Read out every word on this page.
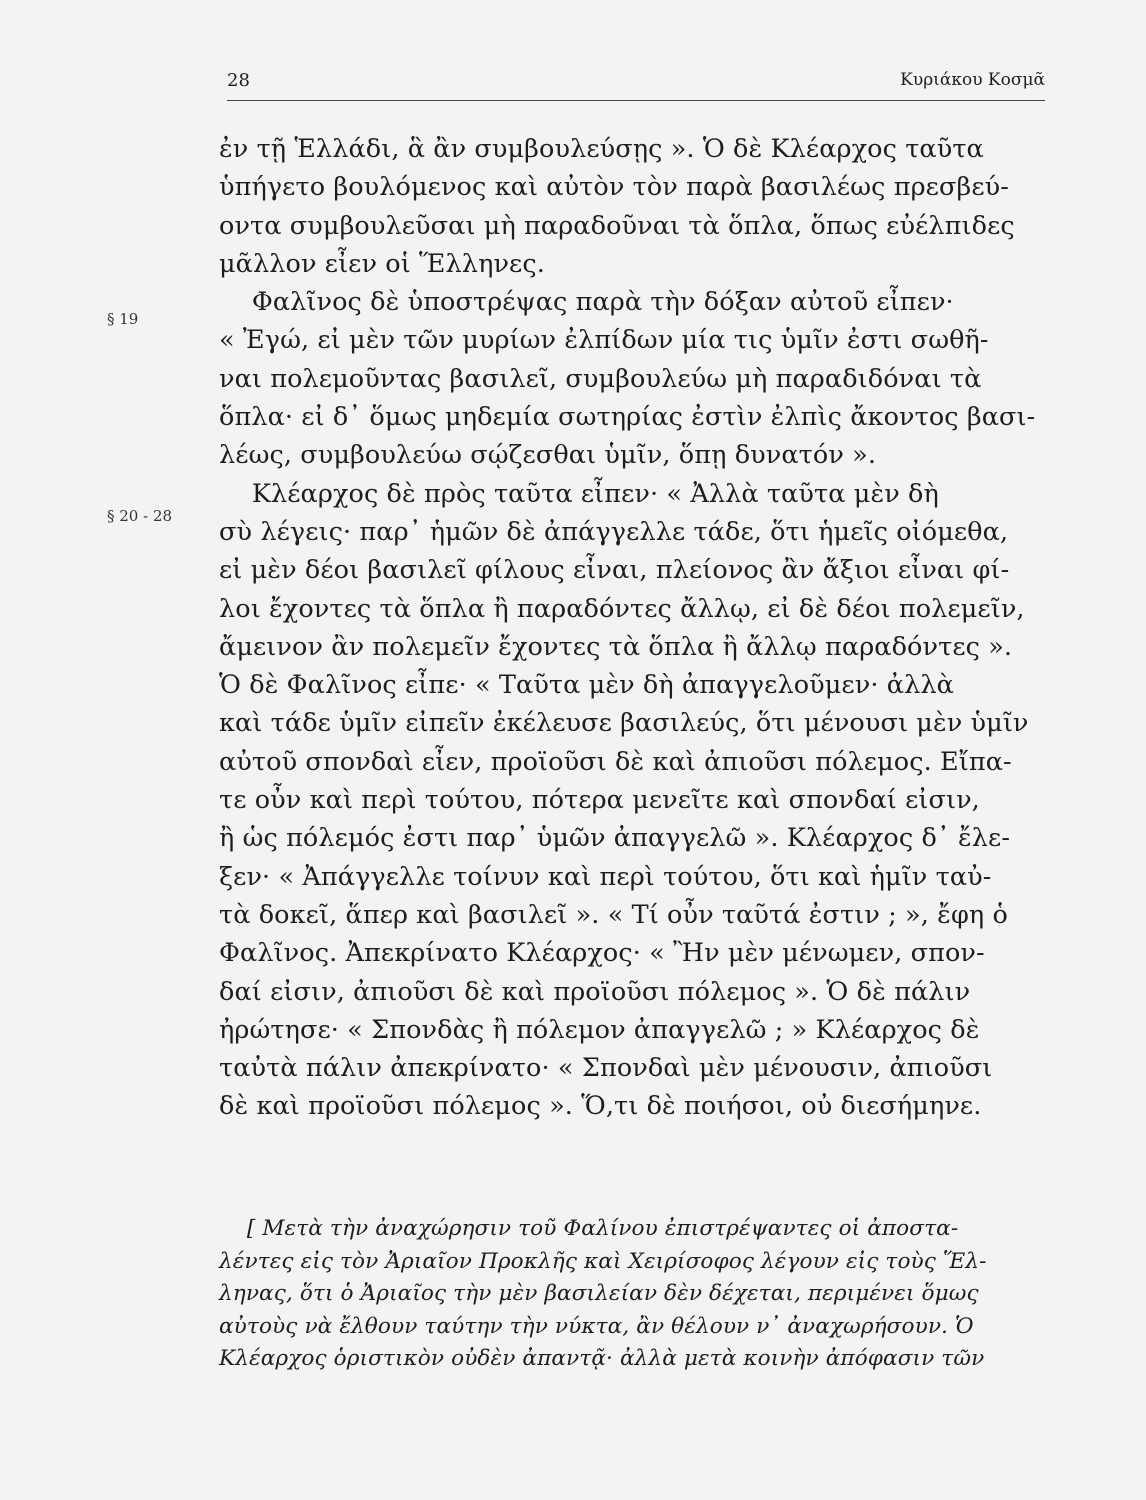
28	Κυριάκου Κοσμᾶ
§ 19
§ 20 - 28
ἐν τῇ Ἑλλάδι, ἃ ἂν συμβουλεύσῃς ». Ὁ δὲ Κλέαρχος ταῦτα
ὑπήγετο βουλόμενος καὶ αὐτὸν τὸν παρὰ βασιλέως πρεσβεύ-
οντα συμβουλεῦσαι μὴ παραδοῦναι τὰ ὅπλα, ὅπως εὐέλπιδες
μᾶλλον εἶεν οἱ Ἕλληνες.
Φαλῖνος δὲ ὑποστρέψας παρὰ τὴν δόξαν αὐτοῦ εἶπεν·
« Ἐγώ, εἰ μὲν τῶν μυρίων ἐλπίδων μία τις ὑμῖν ἐστι σωθῆ-
ναι πολεμοῦντας βασιλεῖ, συμβουλεύω μὴ παραδιδόναι τὰ
ὅπλα· εἰ δ᾽ ὅμως μηδεμία σωτηρίας ἐστὶν ἐλπὶς ἄκοντος βασι-
λέως, συμβουλεύω σῴζεσθαι ὑμῖν, ὅπῃ δυνατόν ».
Κλέαρχος δὲ πρὸς ταῦτα εἶπεν· « Ἀλλὰ ταῦτα μὲν δὴ
σὺ λέγεις· παρ᾽ ἡμῶν δὲ ἀπάγγελλε τάδε, ὅτι ἡμεῖς οἰόμεθα,
εἰ μὲν δέοι βασιλεῖ φίλους εἶναι, πλείονος ἂν ἄξιοι εἶναι φί-
λοι ἔχοντες τὰ ὅπλα ἢ παραδόντες ἄλλῳ, εἰ δὲ δέοι πολεμεῖν,
ἄμεινον ἂν πολεμεῖν ἔχοντες τὰ ὅπλα ἢ ἄλλῳ παραδόντες ».
Ὁ δὲ Φαλῖνος εἶπε· « Ταῦτα μὲν δὴ ἀπαγγελοῦμεν· ἀλλὰ
καὶ τάδε ὑμῖν εἰπεῖν ἐκέλευσε βασιλεύς, ὅτι μένουσι μὲν ὑμῖν
αὐτοῦ σπονδαὶ εἶεν, προϊοῦσι δὲ καὶ ἀπιοῦσι πόλεμος. Εἴπα-
τε οὖν καὶ περὶ τούτου, πότερα μενεῖτε καὶ σπονδαί εἰσιν,
ἢ ὡς πόλεμός ἐστι παρ᾽ ὑμῶν ἀπαγγελῶ ». Κλέαρχος δ᾽ ἔλε-
ξεν· « Ἀπάγγελλε τοίνυν καὶ περὶ τούτου, ὅτι καὶ ἡμῖν ταὐ-
τὰ δοκεῖ, ἅπερ καὶ βασιλεῖ ». « Τί οὖν ταῦτά ἐστιν ; », ἔφη ὁ
Φαλῖνος. Ἀπεκρίνατο Κλέαρχος· « Ἢν μὲν μένωμεν, σπον-
δαί εἰσιν, ἀπιοῦσι δὲ καὶ προϊοῦσι πόλεμος ». Ὁ δὲ πάλιν
ἠρώτησε· « Σπονδὰς ἢ πόλεμον ἀπαγγελῶ ; » Κλέαρχος δὲ
ταὐτὰ πάλιν ἀπεκρίνατο· « Σπονδαὶ μὲν μένουσιν, ἀπιοῦσι
δὲ καὶ προϊοῦσι πόλεμος ». Ὅ,τι δὲ ποιήσοι, οὐ διεσήμηνε.
[ Μετὰ τὴν ἀναχώρησιν τοῦ Φαλίνου ἐπιστρέψαντες οἱ ἀποστα-
λέντες εἰς τὸν Ἀριαῖον Προκλῆς καὶ Χειρίσοφος λέγουν εἰς τοὺς Ἕλ-
ληνας, ὅτι ὁ Ἀριαῖος τὴν μὲν βασιλείαν δὲν δέχεται, περιμένει ὅμως
αὐτοὺς νὰ ἔλθουν ταύτην τὴν νύκτα, ἂν θέλουν ν᾽ ἀναχωρήσουν. Ὁ
Κλέαρχος ὁριστικὸν οὐδὲν ἀπαντᾷ· ἀλλὰ μετὰ κοινὴν ἀπόφασιν τῶν
